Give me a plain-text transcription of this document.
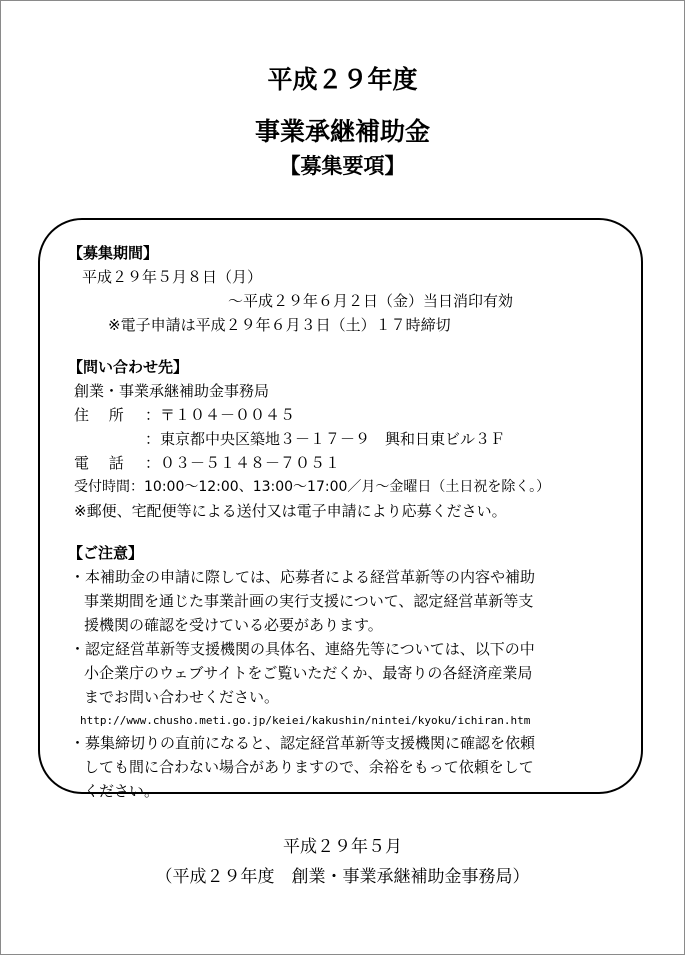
平成２９年度
事業承継補助金
【募集要項】
【募集期間】
平成２９年５月８日（月）
～平成２９年６月２日（金）当日消印有効
※電子申請は平成２９年６月３日（土）１７時締切
【問い合わせ先】
創業・事業承継補助金事務局
住　 所 ：〒１０４－００４５
：東京都中央区築地３－１７－９　興和日東ビル３Ｆ
電　 話 ：０３－５１４８－７０５１
受付時間：10:00～12:00、13:00～17:00／月～金曜日（土日祝を除く。）
※郵便、宅配便等による送付又は電子申請により応募ください。
【ご注意】
・本補助金の申請に際しては、応募者による経営革新等の内容や補助
事業期間を通じた事業計画の実行支援について、認定経営革新等支
援機関の確認を受けている必要があります。
・認定経営革新等支援機関の具体名、連絡先等については、以下の中
小企業庁のウェブサイトをご覧いただくか、最寄りの各経済産業局
までお問い合わせください。
http://www.chusho.meti.go.jp/keiei/kakushin/nintei/kyoku/ichiran.htm
・募集締切りの直前になると、認定経営革新等支援機関に確認を依頼
しても間に合わない場合がありますので、余裕をもって依頼をして
ください。
平成２９年５月
（平成２９年度　創業・事業承継補助金事務局）
